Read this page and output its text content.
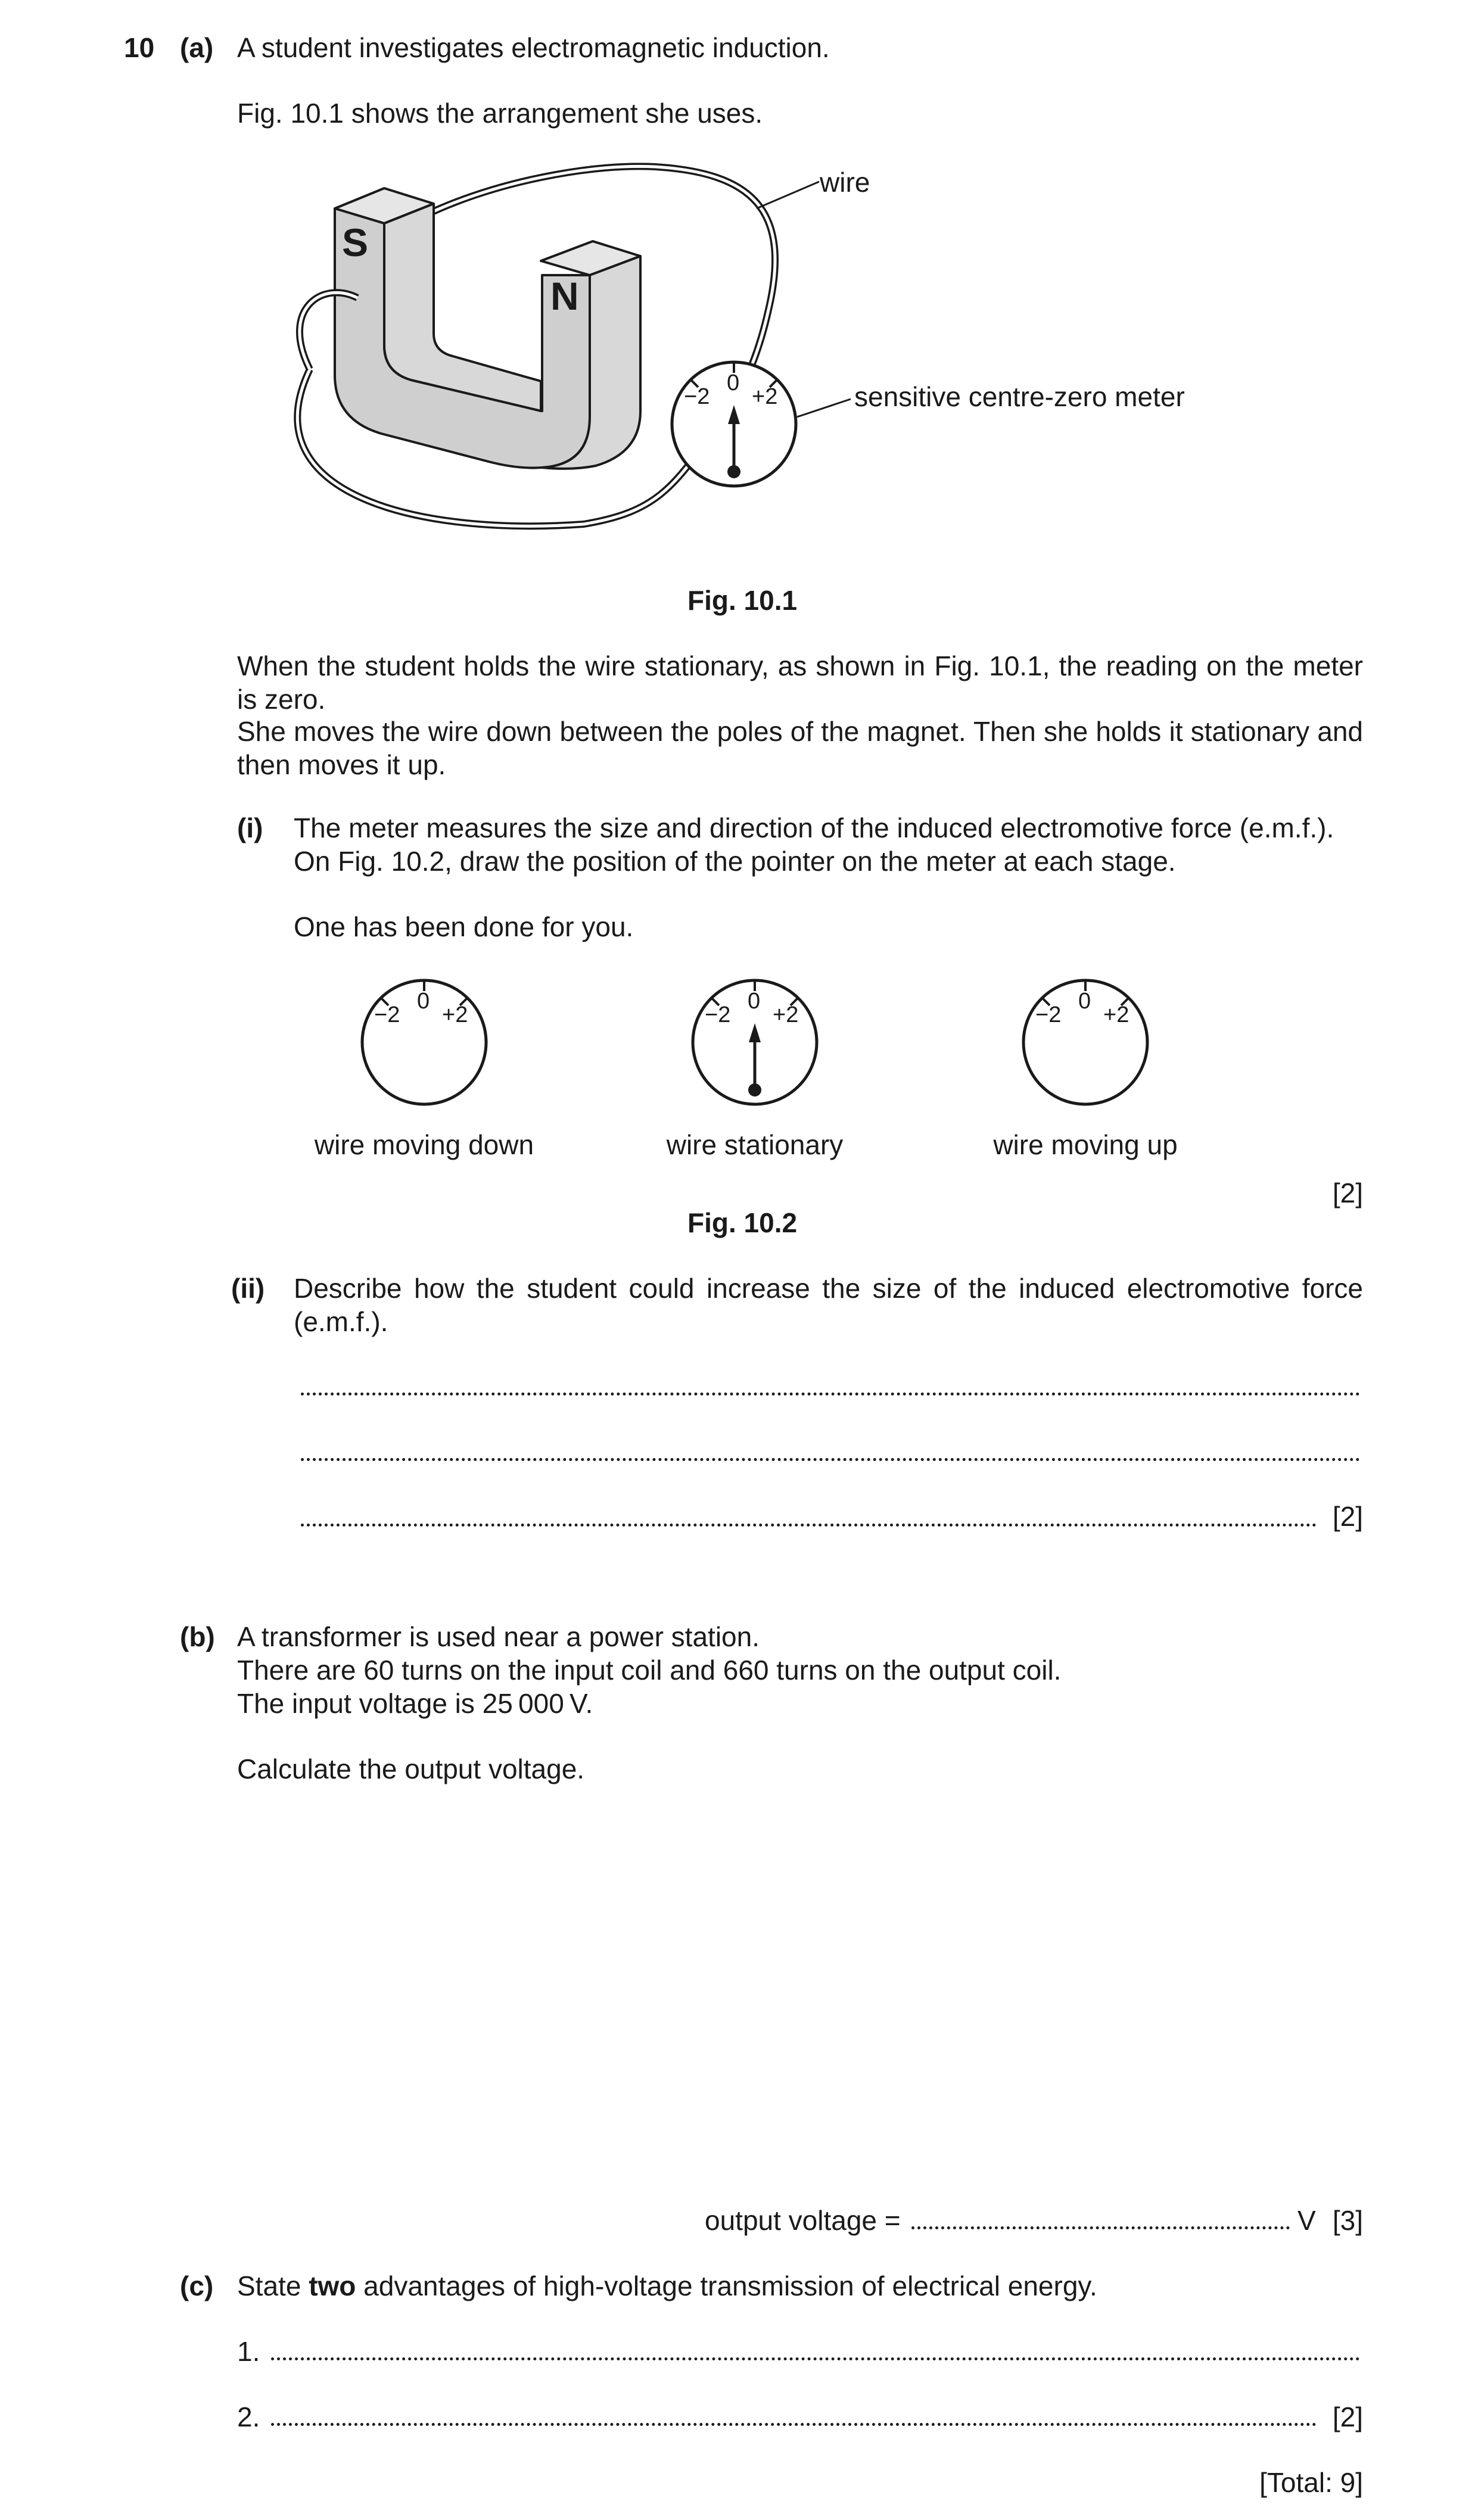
10 (a) A student investigates electromagnetic induction.
Fig. 10.1 shows the arrangement she uses.
S
N
−2
0
+2
wire
sensitive centre-zero meter
Fig. 10.1
When the student holds the wire stationary, as shown in Fig. 10.1, the reading on the meter is zero.
She moves the wire down between the poles of the magnet. Then she holds it stationary and then moves it up.
(i) The meter measures the size and direction of the induced electromotive force (e.m.f.).
On Fig. 10.2, draw the position of the pointer on the meter at each stage.
One has been done for you.
−2
0
+2	−2
0
+2	−2
0
+2
wire moving down	wire stationary	wire moving up
[2]
Fig. 10.2
(ii) Describe how the student could increase the size of the induced electromotive force (e.m.f.).
[2]
(b) A transformer is used near a power station.
There are 60 turns on the input coil and 660 turns on the output coil.
The input voltage is 25 000 V.
Calculate the output voltage.
output voltage =	V [3]
(c) State two advantages of high-voltage transmission of electrical energy.
1.
2.	[2]
[Total: 9]
